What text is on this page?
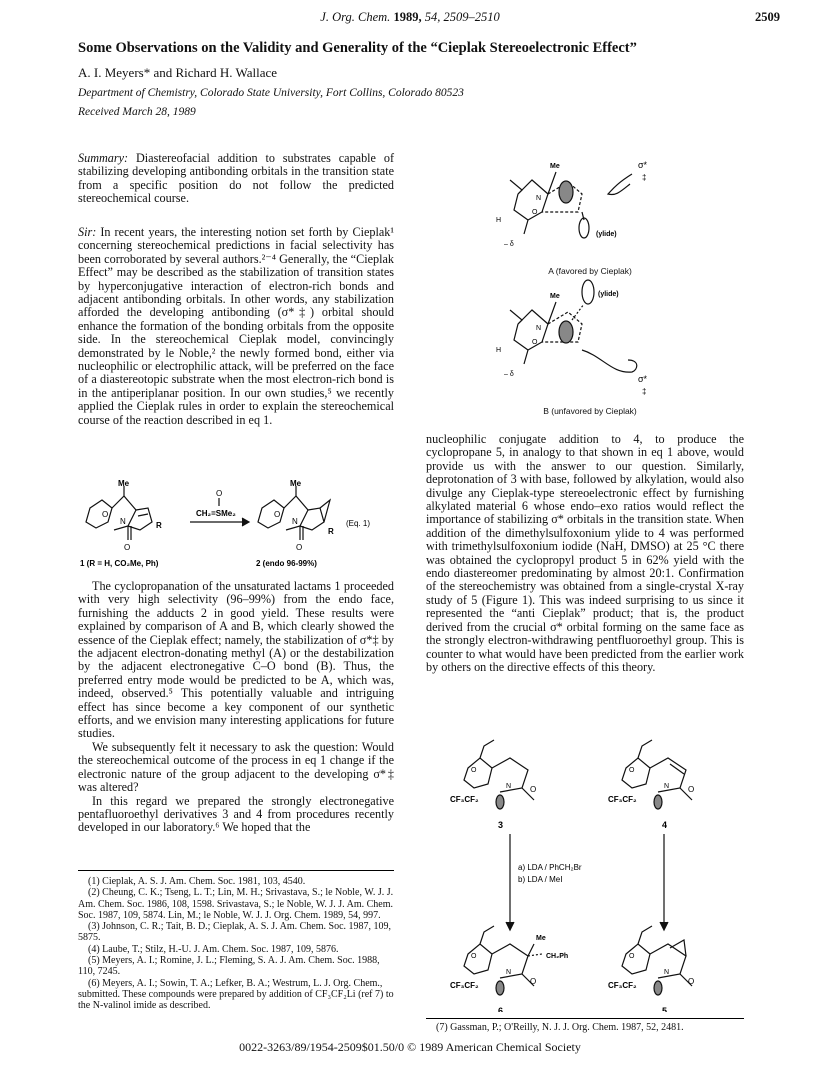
J. Org. Chem. 1989, 54, 2509–2510	2509
Some Observations on the Validity and Generality of the “Cieplak Stereoelectronic Effect”
A. I. Meyers* and Richard H. Wallace
Department of Chemistry, Colorado State University, Fort Collins, Colorado 80523
Received March 28, 1989

Summary: Diastereofacial addition to substrates capable of stabilizing developing antibonding orbitals in the transition state from a specific position do not follow the predicted stereochemical course.

Sir: In recent years, the interesting notion set forth by Cieplak¹ concerning stereochemical predictions in facial selectivity has been corroborated by several authors.²⁻⁴ Generally, the “Cieplak Effect” may be described as the stabilization of transition states by hyperconjugative interaction of electron-rich bonds and adjacent antibonding orbitals. In other words, any stabilization afforded the developing antibonding (σ*‡) orbital should enhance the formation of the bonding orbitals from the opposite side. In the stereochemical Cieplak model, convincingly demonstrated by le Noble,² the newly formed bond, either via nucleophilic or electrophilic attack, will be preferred on the face of a diastereotopic substrate when the most electron-rich bond is in the antiperiplanar position. In our own studies,⁵ we recently applied the Cieplak rules in order to explain the stereochemical course of the reaction described in eq 1.

Me	Me
O
CH₂=SMe₂
(Eq. 1)
O
N	R
O
O
N
R
O
1 (R = H, CO₂Me, Ph)	2 (endo 96-99%)

The cyclopropanation of the unsaturated lactams 1 proceeded with very high selectivity (96–99%) from the endo face, furnishing the adducts 2 in good yield. These results were explained by comparison of A and B, which clearly showed the essence of the Cieplak effect; namely, the stabilization of σ*‡ by the adjacent electron-donating methyl (A) or the destabilization by the adjacent electronegative C–O bond (B). Thus, the preferred entry mode would be predicted to be A, which was, indeed, observed.⁵ This potentially valuable and intriguing effect has since become a key component of our synthetic efforts, and we envision many interesting applications for future studies.

We subsequently felt it necessary to ask the question: Would the stereochemical outcome of the process in eq 1 change if the electronic nature of the group adjacent to the developing σ*‡ was altered?

In this regard we prepared the strongly electronegative pentafluoroethyl derivatives 3 and 4 from procedures recently developed in our laboratory.⁶ We hoped that the

(1) Cieplak, A. S. J. Am. Chem. Soc. 1981, 103, 4540.

(2) Cheung, C. K.; Tseng, L. T.; Lin, M. H.; Srivastava, S.; le Noble, W. J. J. Am. Chem. Soc. 1986, 108, 1598. Srivastava, S.; le Noble, W. J. J. Am. Chem. Soc. 1987, 109, 5874. Lin, M.; le Noble, W. J. J. Org. Chem. 1989, 54, 997.

(3) Johnson, C. R.; Tait, B. D.; Cieplak, A. S. J. Am. Chem. Soc. 1987, 109, 5875.

(4) Laube, T.; Stilz, H.-U. J. Am. Chem. Soc. 1987, 109, 5876.

(5) Meyers, A. I.; Romine, J. L.; Fleming, S. A. J. Am. Chem. Soc. 1988, 110, 7245.

(6) Meyers, A. I.; Sowin, T. A.; Lefker, B. A.; Westrum, L. J. Org. Chem., submitted. These compounds were prepared by addition of CF₃CF₂Li (ref 7) to the N-valinol imide as described.

Me	σ*
‡
(ylide)
– δ
H
N
O
Me	(ylide)
σ*
‡
– δ
H
N
O
A (favored by Cieplak)
B (unfavored by Cieplak)

nucleophilic conjugate addition to 4, to produce the cyclopropane 5, in analogy to that shown in eq 1 above, would provide us with the answer to our question. Similarly, deprotonation of 3 with base, followed by alkylation, would also divulge any Cieplak-type stereoelectronic effect by furnishing alkylated material 6 whose endo–exo ratios would reflect the importance of stabilizing σ* orbitals in the transition state. When addition of the dimethylsulfoxonium ylide to 4 was performed with trimethylsulfoxonium iodide (NaH, DMSO) at 25 °C there was obtained the cyclopropyl product 5 in 62% yield with the endo diastereomer predominating by almost 20:1. Confirmation of the stereochemistry was obtained from a single-crystal X-ray study of 5 (Figure 1). This was indeed surprising to us since it represented the “anti Cieplak” product; that is, the product derived from the crucial σ* orbital forming on the same face as the strongly electron-withdrawing pentfluoroethyl group. This is counter to what would have been predicted from the earlier work by others on the directive effects of this theory.

CF₃CF₂	CF₃CF₂
CF₃CF₂	CF₃CF₂
3	4
6	5
a) LDA / PhCH₂Br
b) LDA / MeI
Me
CH₂Ph
O	O
O	O
O	O
O	O
N	N
N	N

(7) Gassman, P.; O'Reilly, N. J. J. Org. Chem. 1987, 52, 2481.

0022-3263/89/1954-2509$01.50/0 © 1989 American Chemical Society
